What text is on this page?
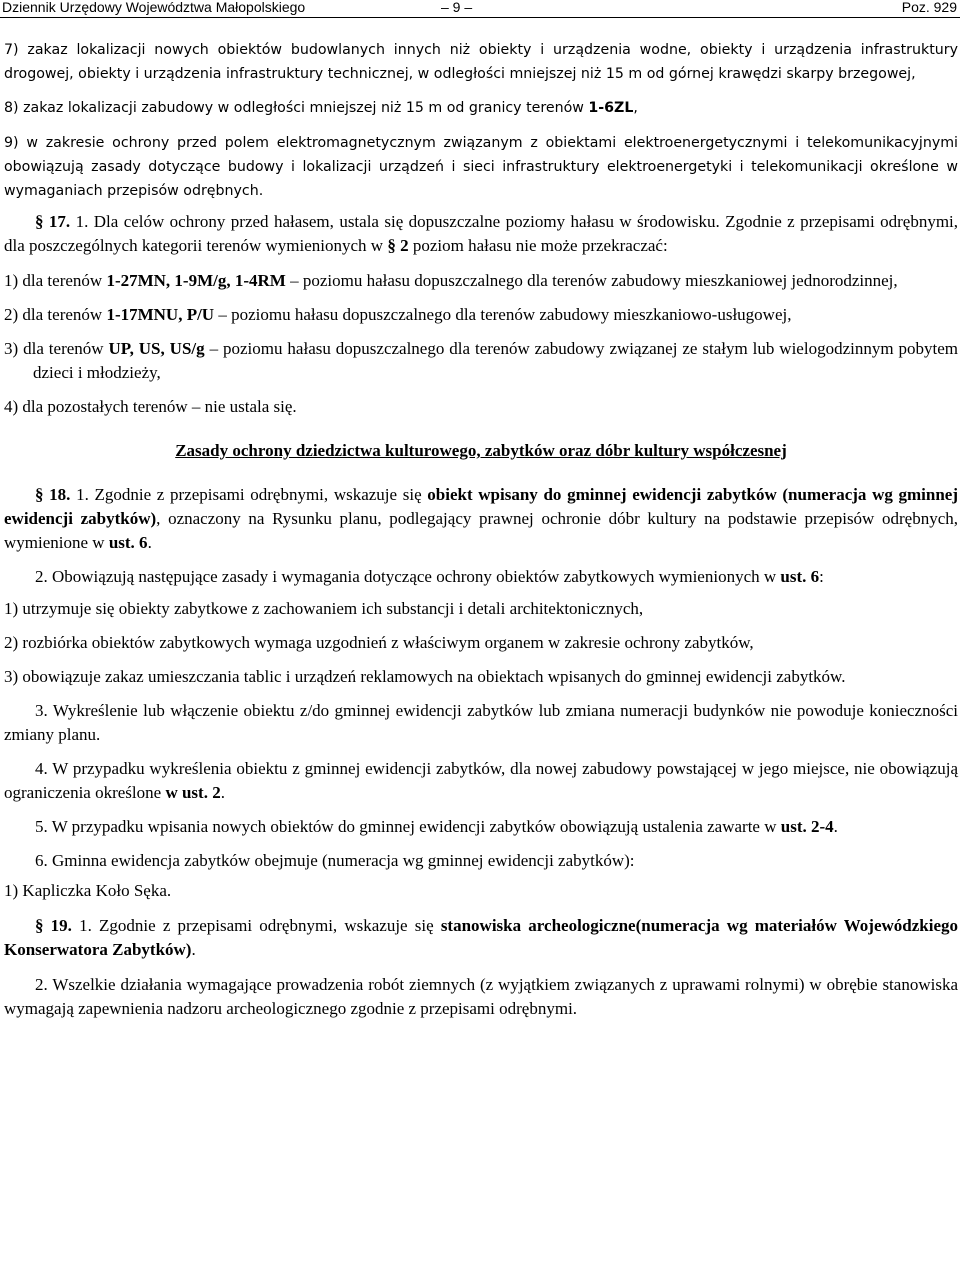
Dziennik Urzędowy Województwa Małopolskiego	– 9 –	Poz. 929

7) zakaz lokalizacji nowych obiektów budowlanych innych niż obiekty i urządzenia wodne, obiekty i urządzenia infrastruktury drogowej, obiekty i urządzenia infrastruktury technicznej, w odległości mniejszej niż 15 m od górnej krawędzi skarpy brzegowej,

8) zakaz lokalizacji zabudowy w odległości mniejszej niż 15 m od granicy terenów 1-6ZL,

9) w zakresie ochrony przed polem elektromagnetycznym związanym z obiektami elektroenergetycznymi i telekomunikacyjnymi obowiązują zasady dotyczące budowy i lokalizacji urządzeń i sieci infrastruktury elektroenergetyki i telekomunikacji określone w wymaganiach przepisów odrębnych.

§ 17. 1. Dla celów ochrony przed hałasem, ustala się dopuszczalne poziomy hałasu w środowisku. Zgodnie z przepisami odrębnymi, dla poszczególnych kategorii terenów wymienionych w § 2 poziom hałasu nie może przekraczać:

1) dla terenów 1-27MN, 1-9M/g, 1-4RM – poziomu hałasu dopuszczalnego dla terenów zabudowy mieszkaniowej jednorodzinnej,

2) dla terenów 1-17MNU, P/U – poziomu hałasu dopuszczalnego dla terenów zabudowy mieszkaniowo-usługowej,

3) dla terenów UP, US, US/g – poziomu hałasu dopuszczalnego dla terenów zabudowy związanej ze stałym lub wielogodzinnym pobytem dzieci i młodzieży,

4) dla pozostałych terenów – nie ustala się.

Zasady ochrony dziedzictwa kulturowego, zabytków oraz dóbr kultury współczesnej

§ 18. 1. Zgodnie z przepisami odrębnymi, wskazuje się obiekt wpisany do gminnej ewidencji zabytków (numeracja wg gminnej ewidencji zabytków), oznaczony na Rysunku planu, podlegający prawnej ochronie dóbr kultury na podstawie przepisów odrębnych, wymienione w ust. 6.

2. Obowiązują następujące zasady i wymagania dotyczące ochrony obiektów zabytkowych wymienionych w ust. 6:

1) utrzymuje się obiekty zabytkowe z zachowaniem ich substancji i detali architektonicznych,

2) rozbiórka obiektów zabytkowych wymaga uzgodnień z właściwym organem w zakresie ochrony zabytków,

3) obowiązuje zakaz umieszczania tablic i urządzeń reklamowych na obiektach wpisanych do gminnej ewidencji zabytków.

3. Wykreślenie lub włączenie obiektu z/do gminnej ewidencji zabytków lub zmiana numeracji budynków nie powoduje konieczności zmiany planu.

4. W przypadku wykreślenia obiektu z gminnej ewidencji zabytków, dla nowej zabudowy powstającej w jego miejsce, nie obowiązują ograniczenia określone w ust. 2.

5. W przypadku wpisania nowych obiektów do gminnej ewidencji zabytków obowiązują ustalenia zawarte w ust. 2-4.

6. Gminna ewidencja zabytków obejmuje (numeracja wg gminnej ewidencji zabytków):

1) Kapliczka Koło Sęka.

§ 19. 1. Zgodnie z przepisami odrębnymi, wskazuje się stanowiska archeologiczne(numeracja wg materiałów Wojewódzkiego Konserwatora Zabytków).

2. Wszelkie działania wymagające prowadzenia robót ziemnych (z wyjątkiem związanych z uprawami rolnymi) w obrębie stanowiska wymagają zapewnienia nadzoru archeologicznego zgodnie z przepisami odrębnymi.
